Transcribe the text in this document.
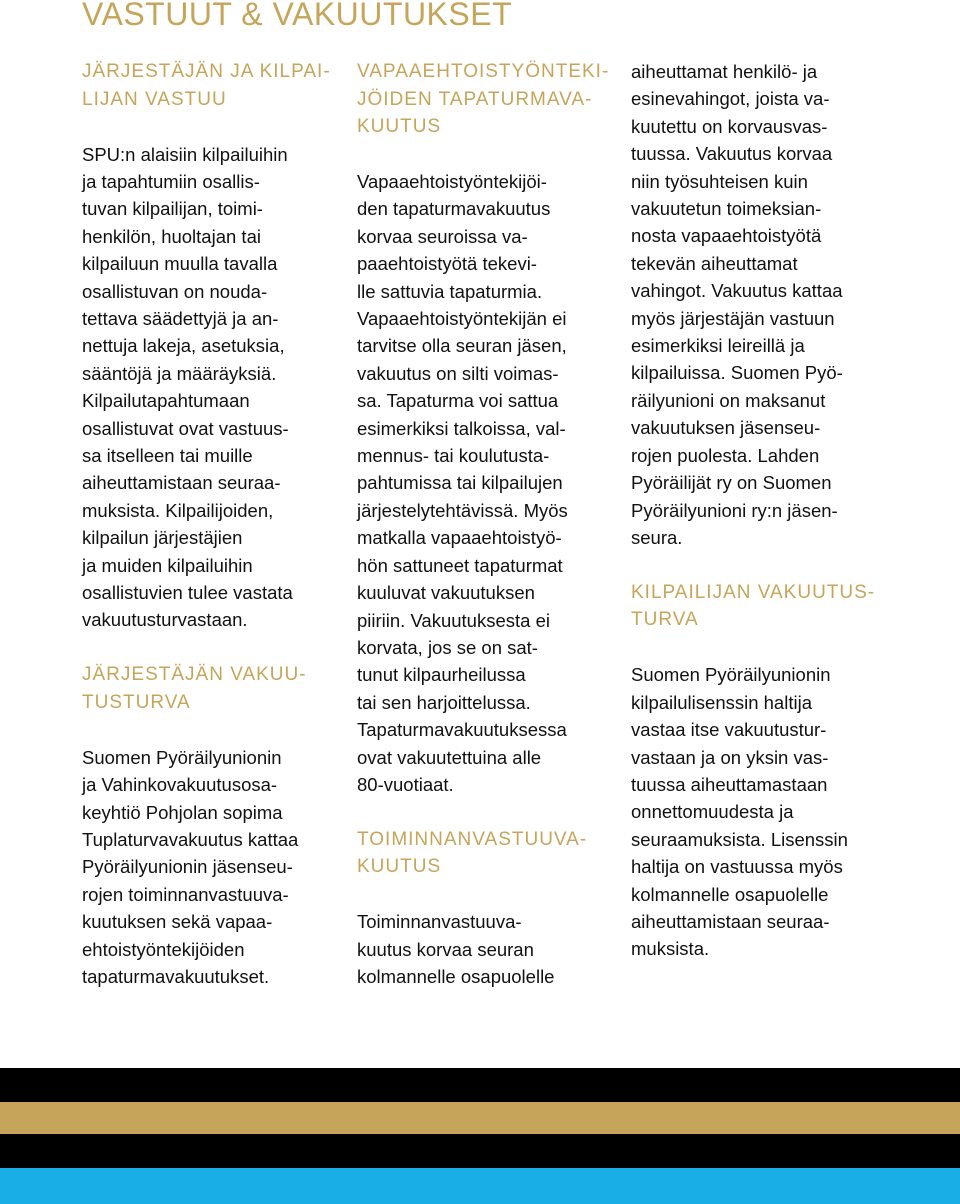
VASTUUT & VAKUUTUKSET
JÄRJESTÄJÄN JA KILPAI-
LIJAN VASTUU
SPU:n alaisiin kilpailuihin
ja tapahtumiin osallis-
tuvan kilpailijan, toimi-
henkilön, huoltajan tai
kilpailuun muulla tavalla
osallistuvan on nouda-
tettava säädettyjä ja an-
nettuja lakeja, asetuksia,
sääntöjä ja määräyksiä.
Kilpailutapahtumaan
osallistuvat ovat vastuus-
sa itselleen tai muille
aiheuttamistaan seuraa-
muksista. Kilpailijoiden,
kilpailun järjestäjien
ja muiden kilpailuihin
osallistuvien tulee vastata
vakuutusturvastaan.
JÄRJESTÄJÄN VAKUU-
TUSTURVA
Suomen Pyöräilyunionin
ja Vahinkovakuutusosa-
keyhtiö Pohjolan sopima
Tuplaturvavakuutus kattaa
Pyöräilyunionin jäsenseu-
rojen toiminnanvastuuva-
kuutuksen sekä vapaa-
ehtoistyöntekijöiden
tapaturmavakuutukset.
VAPAAEHTOISTYÖNTEKI-
JÖIDEN TAPATURMAVA-
KUUTUS
Vapaaehtoistyöntekijöi-
den tapaturmavakuutus
korvaa seuroissa va-
paaehtoistyötä tekevi-
lle sattuvia tapaturmia.
Vapaaehtoistyöntekijän ei
tarvitse olla seuran jäsen,
vakuutus on silti voimas-
sa. Tapaturma voi sattua
esimerkiksi talkoissa, val-
mennus- tai koulutusta-
pahtumissa tai kilpailujen
järjestelytehtävissä. Myös
matkalla vapaaehtoistyö-
hön sattuneet tapaturmat
kuuluvat vakuutuksen
piiriin. Vakuutuksesta ei
korvata, jos se on sat-
tunut kilpaurheilussa
tai sen harjoittelussa.
Tapaturmavakuutuksessa
ovat vakuutettuina alle
80-vuotiaat.
TOIMINNANVASTUUVA-
KUUTUS
Toiminnanvastuuva-
kuutus korvaa seuran
kolmannelle osapuolelle
aiheuttamat henkilö- ja
esinevahingot, joista va-
kuutettu on korvausvas-
tuussa. Vakuutus korvaa
niin työsuhteisen kuin
vakuutetun toimeksian-
nosta vapaaehtoistyötä
tekevän aiheuttamat
vahingot. Vakuutus kattaa
myös järjestäjän vastuun
esimerkiksi leireillä ja
kilpailuissa. Suomen Pyö-
räilyunioni on maksanut
vakuutuksen jäsenseu-
rojen puolesta. Lahden
Pyöräilijät ry on Suomen
Pyöräilyunioni ry:n jäsen-
seura.
KILPAILIJAN VAKUUTUS-
TURVA
Suomen Pyöräilyunionin
kilpailulisenssin haltija
vastaa itse vakuutustur-
vastaan ja on yksin vas-
tuussa aiheuttamastaan
onnettomuudesta ja
seuraamuksista. Lisenssin
haltija on vastuussa myös
kolmannelle osapuolelle
aiheuttamistaan seuraa-
muksista.
